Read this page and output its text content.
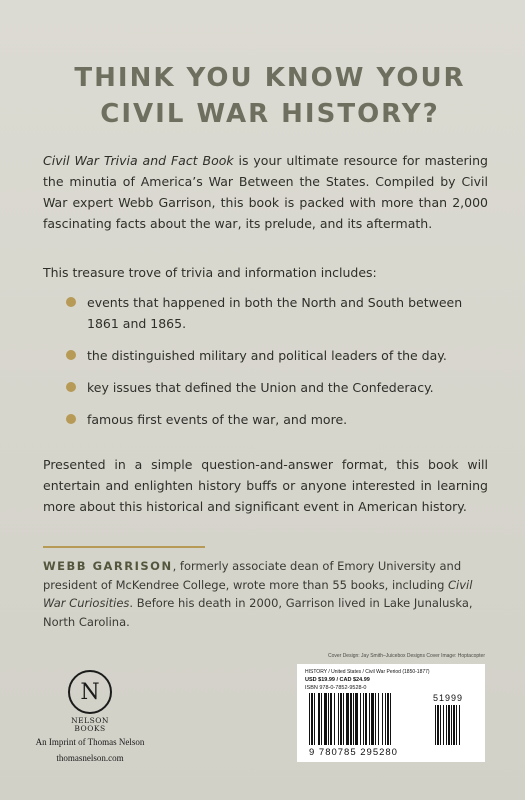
THINK YOU KNOW YOUR
CIVIL WAR HISTORY?

Civil War Trivia and Fact Book is your ultimate resource for mastering the minutia of America’s War Between the States. Compiled by Civil War expert Webb Garrison, this book is packed with more than 2,000 fascinating facts about the war, its prelude, and its aftermath.

This treasure trove of trivia and information includes:

events that happened in both the North and South between 1861 and 1865.
the distinguished military and political leaders of the day.
key issues that defined the Union and the Confederacy.
famous first events of the war, and more.

Presented in a simple question-and-answer format, this book will entertain and enlighten history buffs or anyone interested in learning more about this historical and significant event in American history.

WEBB GARRISON, formerly associate dean of Emory University and president of McKendree College, wrote more than 55 books, including Civil War Curiosities. Before his death in 2000, Garrison lived in Lake Junaluska, North Carolina.

Cover Design: Jay Smith–Juicebox Designs Cover Image: Hoptacopter
N
NELSON
BOOKS
An Imprint of Thomas Nelson
thomasnelson.com
HISTORY / United States / Civil War Period (1850-1877)
USD $19.99 / CAD $24.99
ISBN 978-0-7852-9528-0
51999
9 780785 295280
